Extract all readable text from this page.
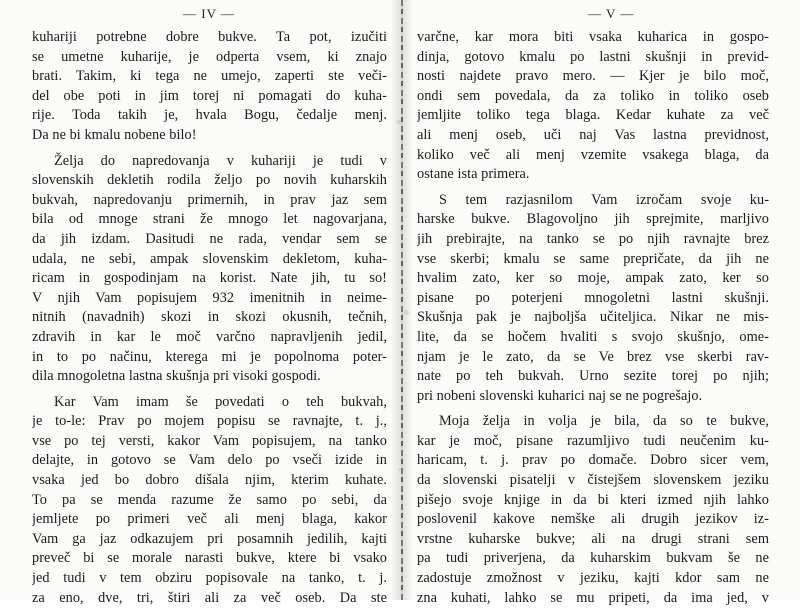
— IV —	— V —
kuhariji potrebne dobre bukve. Ta pot, izučiti
se umetne kuharije, je odperta vsem, ki znajo
brati. Takim, ki tega ne umejo, zaperti ste veči-
del obe poti in jim torej ni pomagati do kuha-
rije. Toda takih je, hvala Bogu, čedalje menj.
Da ne bi kmalu nobene bilo!
Želja do napredovanja v kuhariji je tudi v
slovenskih dekletih rodila željo po novih kuharskih
bukvah, napredovanju primernih, in prav jaz sem
bila od mnoge strani že mnogo let nagovarjana,
da jih izdam. Dasitudi ne rada, vendar sem se
udala, ne sebi, ampak slovenskim dekletom, kuha-
ricam in gospodinjam na korist. Nate jih, tu so!
V njih Vam popisujem 932 imenitnih in neime-
nitnih (navadnih) skozi in skozi okusnih, tečnih,
zdravih in kar le moč varčno napravljenih jedil,
in to po načinu, kterega mi je popolnoma poter-
dila mnogoletna lastna skušnja pri visoki gospodi.
Kar Vam imam še povedati o teh bukvah,
je to-le: Prav po mojem popisu se ravnajte, t. j.,
vse po tej versti, kakor Vam popisujem, na tanko
delajte, in gotovo se Vam delo po vseči izide in
vsaka jed bo dobro dišala njim, kterim kuhate.
To pa se menda razume že samo po sebi, da
jemljete po primeri več ali menj blaga, kakor
Vam ga jaz odkazujem pri posamnih jedilih, kajti
preveč bi se morale narasti bukve, ktere bi vsako
jed tudi v tem obziru popisovale na tanko, t. j.
za eno, dve, tri, štiri ali za več oseb. Da ste
varčne, kar mora biti vsaka kuharica in gospo-
dinja, gotovo kmalu po lastni skušnji in previd-
nosti najdete pravo mero. — Kjer je bilo moč,
ondi sem povedala, da za toliko in toliko oseb
jemljite toliko tega blaga. Kedar kuhate za več
ali menj oseb, uči naj Vas lastna previdnost,
koliko več ali menj vzemite vsakega blaga, da
ostane ista primera.
S tem razjasnilom Vam izročam svoje ku-
harske bukve. Blagovoljno jih sprejmite, marljivo
jih prebirajte, na tanko se po njih ravnajte brez
vse skerbi; kmalu se same prepričate, da jih ne
hvalim zato, ker so moje, ampak zato, ker so
pisane po poterjeni mnogoletni lastni skušnji.
Skušnja pak je najboljša učiteljica. Nikar ne mis-
lite, da se hočem hvaliti s svojo skušnjo, ome-
njam je le zato, da se Ve brez vse skerbi rav-
nate po teh bukvah. Urno sezite torej po njih;
pri nobeni slovenski kuharici naj se ne pogrešajo.
Moja želja in volja je bila, da so te bukve,
kar je moč, pisane razumljivo tudi neučenim ku-
haricam, t. j. prav po domače. Dobro sicer vem,
da slovenski pisatelji v čistejšem slovenskem jeziku
pišejo svoje knjige in da bi kteri izmed njih lahko
poslovenil kakove nemške ali drugih jezikov iz-
vrstne kuharske bukve; ali na drugi strani sem
pa tudi priverjena, da kuharskim bukvam še ne
zadostuje zmožnost v jeziku, kajti kdor sam ne
zna kuhati, lahko se mu pripeti, da ima jed, v
